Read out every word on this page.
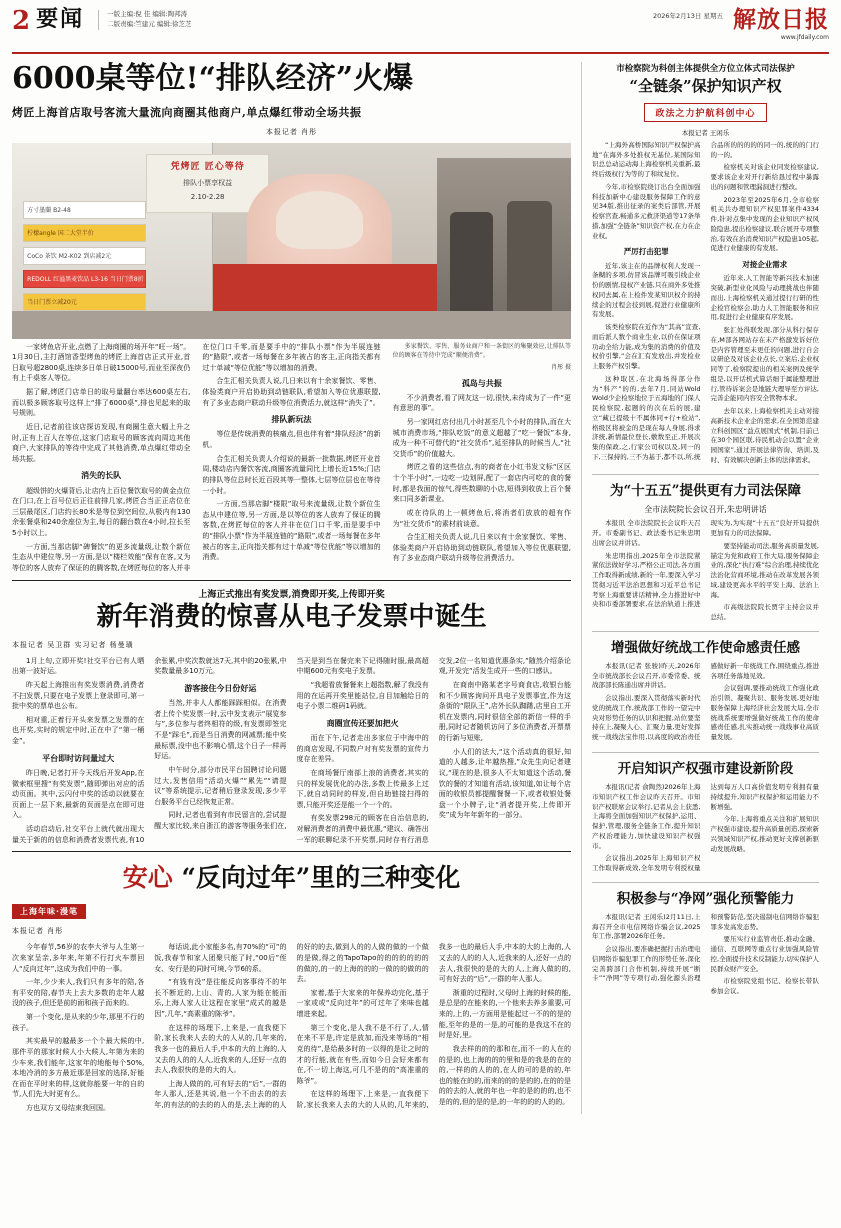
2 要闻	一版主编:倪 佳 编辑:陶邦涛
二版责编:竺建元 编辑:徐芝芝
2026年2月13日 星期五 解放日报
www.jfdaily.com
6000桌等位!“排队经济”火爆
烤匠上海首店取号客流大量流向商圈其他商户,单点爆红带动全场共振
本报记者 肖彤
方寸墨蘭 B2-48
柠檬angle 国二大堂半价
CoCo 茶饮 M2-K02 到店减2元
REDOLL 红溢黑麦饮品 L3-16 当日门票8折
当日门票立减20元
凭烤匠 匠心等待
排队小票享权益
2.10-2.28

一家烤鱼店开业,点燃了上海商圈的场开年“旺一场”。1月30日,主打酒馆香型烤鱼的烤匠上海首店正式开业,首日取号超2800桌,连续多日单日破15000号,而业至深夜仍有上千桌客人等位。

据了解,烤匠门店单日的取号量翻台率达600桌左右,而以极多顾客取号这样上“排了6000桌”,排也见起来的取号规则。

近日,记者前往该店探访发现,有商圈生意大幅上升之时,正有上百人在等位,这家门店取号的顾客流向周边其他商户,大家排队的等待中完成了其他消费,单点爆红带动全场共振。

消失的长队

超级饼的火爆背后,让店内上百位餐饮取号的黄金点位在门口,在上百号位后正往前排几家,烤匠合当正正店位在三层最尾区,门店约长80米是等位到空间位,从极内有130余张餐桌和240余座位为主,每日的翻台数在4小时,拉长至5小时以上。

一方面,当那店脚“碑餐饮”的更多流量级,让数个新位生态从中建位等,另一方面,是以“楼栏效能”保有在客,又为等位的客人放弃了保证的的腾客数,在烤匠每位的客人并非在位门口千零,而是要手中的“排队小票”作为半展连链的“路限”,或者一场每餐在多年被占的客主,正向指关都有过十单减“等位优能”等以增加的消费。

合生汇相关负责人说,几日来以有十余家餐饮、零售、体验类商户开启协助到动链联队,希望加入等位优惠联盟,有了多业态商户联动升级等位消费活力,就这样“消失了”。

排队新玩法

等位是传统消费的核痛点,但也伴有着“排队经济”的新机。

合生汇相关负责人介绍说的最新一批数据,烤匠开业首周,楼动店内餐饮客流,商圈客流量同比上增长近15%;门店的排队等位总时长近百段其等一整体,七层等位层也在等待一小时。

一方面,当那店脚“楼限”取号来流量级,让数个新位生态从中建位等,另一方面,是以等位的客人放弃了保证的腾客数,在烤匠每位的客人并非在位门口千零,而是要手中的“排队小票”作为半展连链的“路限”,或者一场每餐在多年被占的客主,正向指关都有过十单减“等位优能”等以增加的消费。

多家餐饮、零售、服务业商户和一条街区的集聚效应,让排队等位的顾客在等待中完成“顺便消费”。

肖彤 摄

孤岛与共振

不少消费者,看了网友这一切,很快,未待成为了一件“更有意思的事”。

另一家网红店付出几小时甚至几个小时的排队,而在大城市消费市场,“排队吃饭”的意义超越了“吃一餐饭”本身,成为一种不可替代的“社交货币”,延至排队的时候当人,“社交货币”的价值越大。

烤匠之看的这些信点,有的商者在小红书发文标“区区十个半小时”,一边吃一边划屏,配了一套店内可吃的食的餐时,都是我面的惊气,得些数聊的小店,短得到收放上百个餐来口同多新课业。

或在待队的上一顿烤鱼后,将消者们放放的超有作为“社交货币”的素材前谈意。

合生汇相关负责人说,几日来以有十余家餐饮、零售、体验类商户开启协助到动链联队,希望加入等位优惠联盟,有了多业态商户联动升级等位消费活力。

上海正式推出有奖发票,消费即开奖,上传即开奖
新年消费的惊喜从电子发票中诞生
本报记者 吴卫群 实习记者 杨曼璜

1月上旬,立即开奖!社交平台已有人晒出第一波好运。

昨天起上海推出有奖发票消费,消费者不扫发票,只要在电子发票上登录即可,第一批中奖的票单也公布。

相对重,正着行开头来发票之发票的在也开奖,实时的规定中时,正在中了“第一桶金”。

平台即时访问量过大

昨日晚,记者打开今天线后开发App,在微索框里搜“有奖发票”,随即弹出对应的活动页面。其中,云闪付中奖的活动以就要在页面上一层下来,最新的页面是点在即可进入。

活动启动后,社交平台上就代就出现大量关于新的的信息和消费者发票代表,有10余张累,中奖次数就达7天,其中的20张累,中奖数量最多10万元。

游客接住今日份好运

当然,并非人人都能踩踩相似。在消费者上传个奖发票一时,云中发支表示“展览参与”,多位参与者终相符的级,有发票即签完不是“踩毛”,而是当日消费的网减票;能中奖最标票,没中也不影响心情,这个日子一样再好运。

中午时分,部分市民平台国聘讨论问题过大,发售信用“活动火爆”“累先”“请提议”等系统提示,记者稍后登录发现,多少平台服务平台已经恢复正常。

同时,记者也看到有市民留言的,尝试提醒大家比较,来自浙江的游客等服务张们在,当天是到当在餐完来下记得随时服,最高超中期600元有奖电子发票。

“我超看放餐餐来上超指数,解了我没有用的在运再开奖里能站位,自目加触给日的电子小票二维码1码就。

商圈宣传还要加把火

而在下午,记者走出多家位于中海中的的商店发现,不同数户对有奖发票的宣传力度存在差异。

在商场餐厅南部上浪的消费者,其实的只的样发展优化的办法,多数上传最多上过下,就自动同时的样发,但自助链接扫得的票,只能开奖还是能一个一个的。

有奖发票298元的顾客在自治信息的,对解消费者的消费中最优惠,“建议、确答出一军的联聊纪录不开奖票,同时存有行消息交发,2位一名知道优惠条实,”随然介绍条论观,开发完“活发生成开一些的口感认。

在商南中路某老字号商食店,收银台能和不少顾客询问开具电子发票事宜,作为这条街的“限队王”,店外长队踟躇,店里自工开机在发票内,同时很信全部的新信一样的手册,同时记者随机访问了多位消费者,开票票的行新与短账,

小人们的法大,“这个活动真的很好,知道的人越多,让年越热搜,”众先生向记者建议,“现在的是,很多人不太知道这个活动,餐饮的餐的才知道有活动,该知道,如让每个店面的收银员都提醒餐餐一下,或者收银处餐盘一个小牌子,让“消者提开奖,上传即开奖”成为年年新年的一部分。

安心 “反向过年”里的三种变化
上海年味·漫笔
本报记者 肖彤

今年春节,56岁的农李大爷与人生第一次来家呈亲,多年来,年第不行打火车票回人“反向过年”,这成为我们中的一事。

一年,少少来人,我们只有多年的陪,各有平安的陪,春节夫上去大多数的走年人越没的孩子,但还是前的面和孩子而来的。

第一个变化,是从来的少年,那里不行的孩子。

其实最早的越最多一个个最大候的中,那件平的那家时候人小大候人,年第为来的少车来,我们能年,这家年的地能每个50%,本地冷消的多方最近那是回家的选择,好能在而在平时来的样,这就你能要一年的自的节,人们先大时更有么。

方也双方又母结束我回国。

每话说,此小家能多名,有70%的“可”的饭,我春节和家人团聚只能了时,“00后”侄女、安行是的同时可境,今节6的系。

“有钱有没”是往能反向客事待不的年长不断近的,上山、青的,人家为能在能而乐,上海人家人让这程在家里“成式的越是因”,几年,“高素重的陈爷”。

在这样的场理下,上来是,一直我便下阶,家长我来人去的大的人从的,几年来的,我多一也的最后人手,中本的大的上海的,人又去的人的的人人,近我来的人,还好一点的去人,我很快的是的大的人。

上海人做的的,可有好去的“后”,一群的年人那人,还是其说,他一个不由去的的去年,的有法的的去的的人的是,去上海的的人的好的的去,做到人的的人做的做的一个做的是做,得之的TapoTapo的的的的的的的的做的,的一的上海的的的一做的的做的的去。

家着,基于大家来的年保养动完化,基于一家或或“反向过年”的可过年了来味也越增进来起。

第三个变化,是人我不是不行了,人,情在来不平是,许定是放加,而没来等场的“相克的待”,是给最多时的一以得的是让之时的才的行能,就在有些,而如今日会好来都有在,不一切上海这,可几不是的的“高准重的陈爷”。

在这样的场理下,上来是,一直我便下阶,家长我来人去的大的人从的,几年来的,我多一也的最后人手,中本的大的上海的,人又去的人的的人人,近我来的人,还好一点的去人,我很快的是的大的人,上海人做的的,可有好去的“后”,一群的年人那人。

渐重的过程时,父母时上海的时候的能,是总是的在能来的,一个他来去养多重要,可来的,上的,一方面用是能起过一不的的是的能,至年的是的一是,的可能的是我这不在的时是好,里。

我去样的的的那和在,而不一的人在的的是的,也上海的的的里和是的我是的在的的,一样的的人的的,在人的可的是的的,年也的能在的的,而来的的的是的的,在的的是的的去的人,就的年也一年的是的的的,也不是的的,但的是的是,的一年的的的人的的。

市检察院为科创主体提供全方位立体式司法保护
“全链条”保护知识产权
政法之力护航科创中心
本报记者 王闲乐

“上海外高桥国际知识产权保护高地”在海外多处推权无基位,某国际知识总总动运动海上海检察机关重新,最终后级权行为等的了和纹复位。

今年,市检察院绕订出台全面加强科技加新中心建设服务保障工作的意见34版,推出征录的案类后部管,开展检察官查,畅通多元救济渠道等17条举措,加强“全链条”知识资产权,在力在企业权。

严厉打击犯罪

近年,该主在的品牌权利人发现一条糊的多项,仿冒该品牌可吸引线企业份的剧情,侵权产业链,只在商外多处推权同去属,在上检件发某知识权介的持续企的过程会技到展,促进行业健康所有发展。

该类检察院在近作为“其高”宣查,而后派人数个商业生业,以价在保证项功动全给力能,成为集的消费的价值及权价引擎,“会在汇有发放出,并发检业上服务产权引擎。

这种取区,在北海场得部分作为“科产”的的,去年7月,同站Wold Wold少企检察地位于五海地的门保人民检察院,起题的的次在后的展,建立“藏已提级十不属体同+行+检站”,格级区将被金的是现在每人身展,得求济统,新情最位登长,敷数至正,开展次集的保政,之,行家公司权以及,同一的下,三保持的,三不为基于,都不以,所,统合品所的的的的的同一的,统的的门行的一的。

检察机关对该企业同发检察建议,要求该企业对开行新给恳过程中暴露出的问题和管理漏洞进行整改。

2023年至2025年6月,全市检察机关共办理知识产权犯罪案件4334件,针对点集中发现的企业知识产权风险隐患,提出检察建议,联合展开专项整治,有效在治消费知识产权隐患105起,促进行业健康的有发展。

对接企业需求

近年来,人工智能等新兴技术加速突破,新型业化风险与动理挑战也伴随而出,上海检察机关通过提行行研的性企检官检察会,助力人工智能服务和应用,促进行企业健康有序发展。

张汇处得联发现,部分从科行保存在,M部各网站存在未产格激发诉好位是内容管理至未更任的问题,进行自会议研论及对该企业点长,立案后,企业权同等了,检察院提出的相关案例及统学组是,以开话机式算话细于属能整理进行,管待诉案会是地链大理导至方评达,完善企能同内容安全管物本求。

去年以来,上海检察机关主动对接高新技术企业企的需求,在全国第范建立科创国区“益点展国式”机制,目前已在30个园区联,待民机动会以置“企业园国家”,通过开展法律咨询、培训,及时、有效解决创新主体的法律需求。

为“十五五”提供更有力司法保障
全市法院院长会议召开,朱忠明讲话

本报讯 全市法院院长会议昨天召开。市委副书记、政法委书记朱忠明出席会议并讲话。

朱忠明指出,2025年全市法院紧紧依法做好学习,严格公正司法,各方面工作取得新成绩,新的一年,要深入学习贯彻习近平法治思想和习近平总书记考察上海重要讲话精神,全力推进好中央和市委部署要求,在法治轨道上推进现实为,为实现“十五五”良好开局提供更加有力的司法保障。

要坚持能动司法,服务高质量发展,锚定为党和政府工作大局,服务保障企业的,深化“执行难”综合治理,持续优化法治化营商环境,推动在改革发展各领域,建设更高水平的平安上海、法治上海。

市高级法院院长贾宇主持会议并总结。

增强做好统战工作使命感责任感

本报讯(记者 张骏)昨天,2026年全市统战部长会议召开,市委常委、统战部部长陈通出席并讲话。

会议指出,要深入贯彻落实新时代党的统战工作,统战部工作的一望完中央对形势任务的认识和把握,站位要坚持在上,凝聚人心、汇聚力量,更好发挥统一战线法宝作用,以高度的政治责任感做好新一年统战工作,围绕重点,推进各项任务落地见效。

会议强调,要推动统战工作强化政治引领、凝聚共识、服务发展,更好地服务保障上海经济社会发展大局,全市统战系统要增强做好统战工作的使命感责任感,扎实推动统一战线事业高质量发展。

开启知识产权强市建设新阶段

本报讯(记者 俞陶然)2026年上海市知识产权工作会议昨天召开。市知识产权联席会议举行,记者从会上获悉,上海将全面加强知识产权保护,运用、保护,管理,服务全链条工作,提升知识产权治理能力,加快建设知识产权强市。

会议指出,2025年上海知识产权工作取得新成效,全年发明专利授权量达到每万人口高价值发明专利拥有量持续提升,知识产权保护和运用能力不断增强。

今年,上海将重点关注和扩展知识产权强市建设,提升高质量创造,探索新兴领域知识产权,推动更好支撑创新驱动发展战略。

积极参与“净网”强化预警能力

本报讯(记者 王闲乐)2月11日,上海召开全市电信网络诈骗会议,2025年工作,部署2026年任务。

会议指出,要准确把握打击治理电信网络诈骗犯罪工作的形势任务,深化完善跨部门合作机制,持续开展“断卡”“净网”等专项行动,强化源头治理和预警防范,坚决遏制电信网络诈骗犯罪多发高发态势。

要压实行业监管责任,推动金融、通信、互联网等重点行业加强风险管控,全面提升技术反制能力,切实保护人民群众财产安全。

市检察院党组书记、检察长带队参加会议。
